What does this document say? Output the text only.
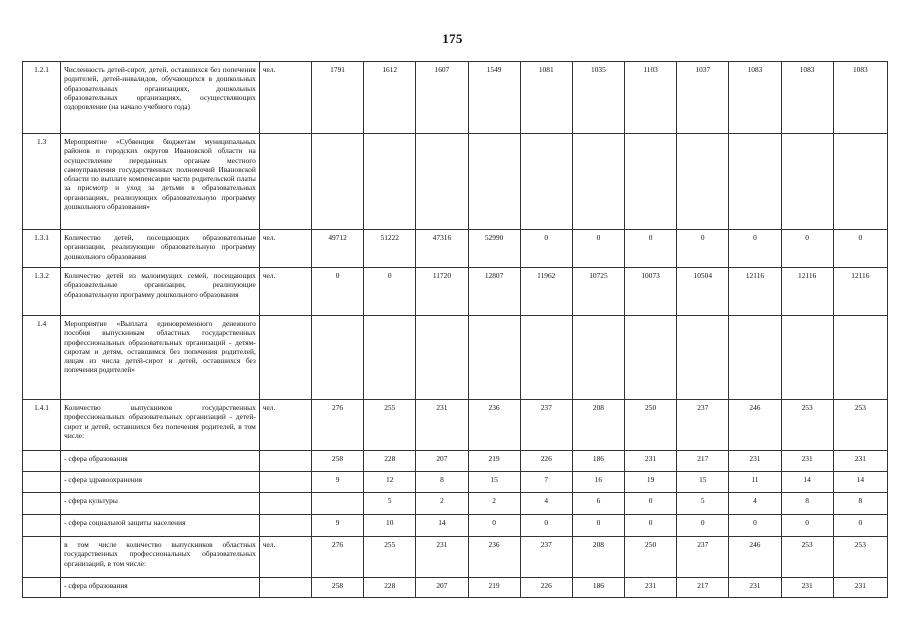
175
1.2.1	Численность детей-сирот, детей, оставшихся без попечения родителей, детей-инвалидов, обучающихся в дошкольных образовательных организациях, дошкольных образовательных организациях, осуществляющих оздоровление (на начало учебного года)	чел.	1791	1612	1607	1549	1081	1035	1103	1037	1083	1083	1083
1.3	Мероприятие «Субвенция бюджетам муниципальных районов и городских округов Ивановской области на осуществление переданных органам местного самоуправления государственных полномочий Ивановской области по выплате компенсации части родительской платы за присмотр и уход за детьми в образовательных организациях, реализующих образовательную программу дошкольного образования»												
1.3.1	Количество детей, посещающих образовательные организации, реализующие образовательную программу дошкольного образования	чел.	49712	51222	47316	52990	0	0	0	0	0	0	0
1.3.2	Количество детей из малоимущих семей, посещающих образовательные организации, реализующие образовательную программу дошкольного образования	чел.	0	0	11720	12807	11962	10725	10073	10504	12116	12116	12116
1.4	Мероприятие «Выплата единовременного денежного пособия выпускникам областных государственных профессиональных образовательных организаций - детям-сиротам и детям, оставшимся без попечения родителей, лицам из числа детей-сирот и детей, оставшихся без попечения родителей»												
1.4.1	Количество выпускников государственных профессиональных образовательных организаций - детей-сирот и детей, оставшихся без попечения родителей, в том числе:	чел.	276	255	231	236	237	208	250	237	246	253	253
	- сфера образования		258	228	207	219	226	186	231	217	231	231	231
	- сфера здравоохранения		9	12	8	15	7	16	19	15	11	14	14
	- сфера культуры			5	2	2	4	6	0	5	4	8	8
	- сфера социальной защиты населения		9	10	14	0	0	0	0	0	0	0	0
	в том числе количество выпускников областных государственных профессиональных образовательных организаций, в том числе:	чел.	276	255	231	236	237	208	250	237	246	253	253
	- сфера образования		258	228	207	219	226	186	231	217	231	231	231
